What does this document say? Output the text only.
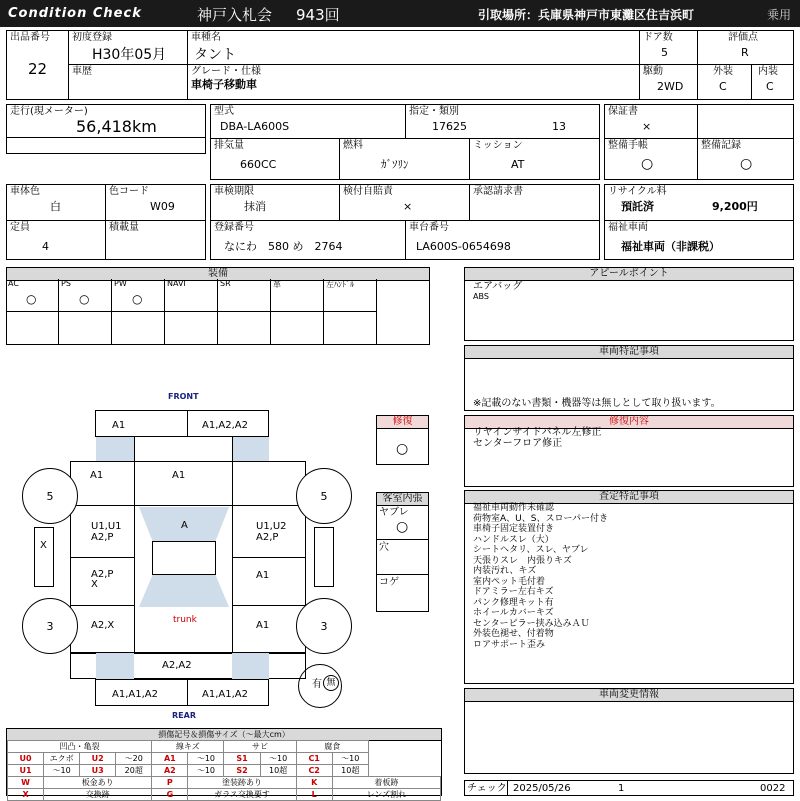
Condition Check	神戸入札会 943回	引取場所：兵庫県神戸市東灘区住吉浜町	乗用
出品番号
22
初度登録
H30年05月
車種名
タント
ドア数
5
評価点
R
車歴	グレード・仕様
車椅子移動車
駆動
2WD
外装
C
内装
C
走行(現メーター)
56,418km
型式
DBA-LA600S
指定・類別
17625	13
排気量
660CC
燃料
ｶﾞｿﾘﾝ
ミッション
AT
保証書
×
整備手帳
○
整備記録
○
車体色
白
色コード
W09
定員
4
積載量
車検期限
抹消
検付自賠責
×
承認請求書
登録番号
なにわ　580 め　2764
車台番号
LA600S-0654698
リサイクル料
預託済	9,200円
福祉車両
福祉車両（非課税）
装備
AC
○
PS
○
PW
○
NAVI	SR	革	左ﾊﾝﾄﾞﾙ
アピールポイント
エアバッグ
ABS
車両特記事項
※記載のない書類・機器等は無しとして取り扱います。
修復内容
リヤインサイドパネル左修正
センターフロア修正
査定特記事項
福祉車両動作未確認
荷物室A、U、S、スローパー付き
車椅子固定装置付き
ハンドルスレ（大）
シートヘタリ、スレ、ヤブレ
天張りスレ　内張りキズ
内装汚れ、キズ
室内ペット毛付着
ドアミラー左右キズ
パンク修理キット有
ホイールカバーキズ
センターピラー挟み込みＡＵ
外装色褪せ、付着物
ロアサポート歪み
車両変更情報
チェック 2025/05/26	1	0022
FRONT
REAR
5	5
3	3
有 無
A1	A1,A2,A2
A1	A1
U1,U1
A2,P
U1,U2
A2,P
A
A2,P
X
A1
A2,X	A1
X
trunk
A2,A2
A1,A1,A2	A1,A1,A2
修復
○
客室内張
ヤブレ
○
穴
コゲ
損傷記号＆損傷サイズ（〜最大cm）
凹凸・亀裂				線キズ		サビ		腐食	
U0	エクボ	U2	〜20	A1	〜10	S1	〜10	C1	〜10
U1	〜10	U3	20超	A2	〜10	S2	10超	C2	10超
W	板金あり			P	塗装跡あり			K	着板跡
X	交換跡			G	ガラス交換要す			L	レンズ割れ
